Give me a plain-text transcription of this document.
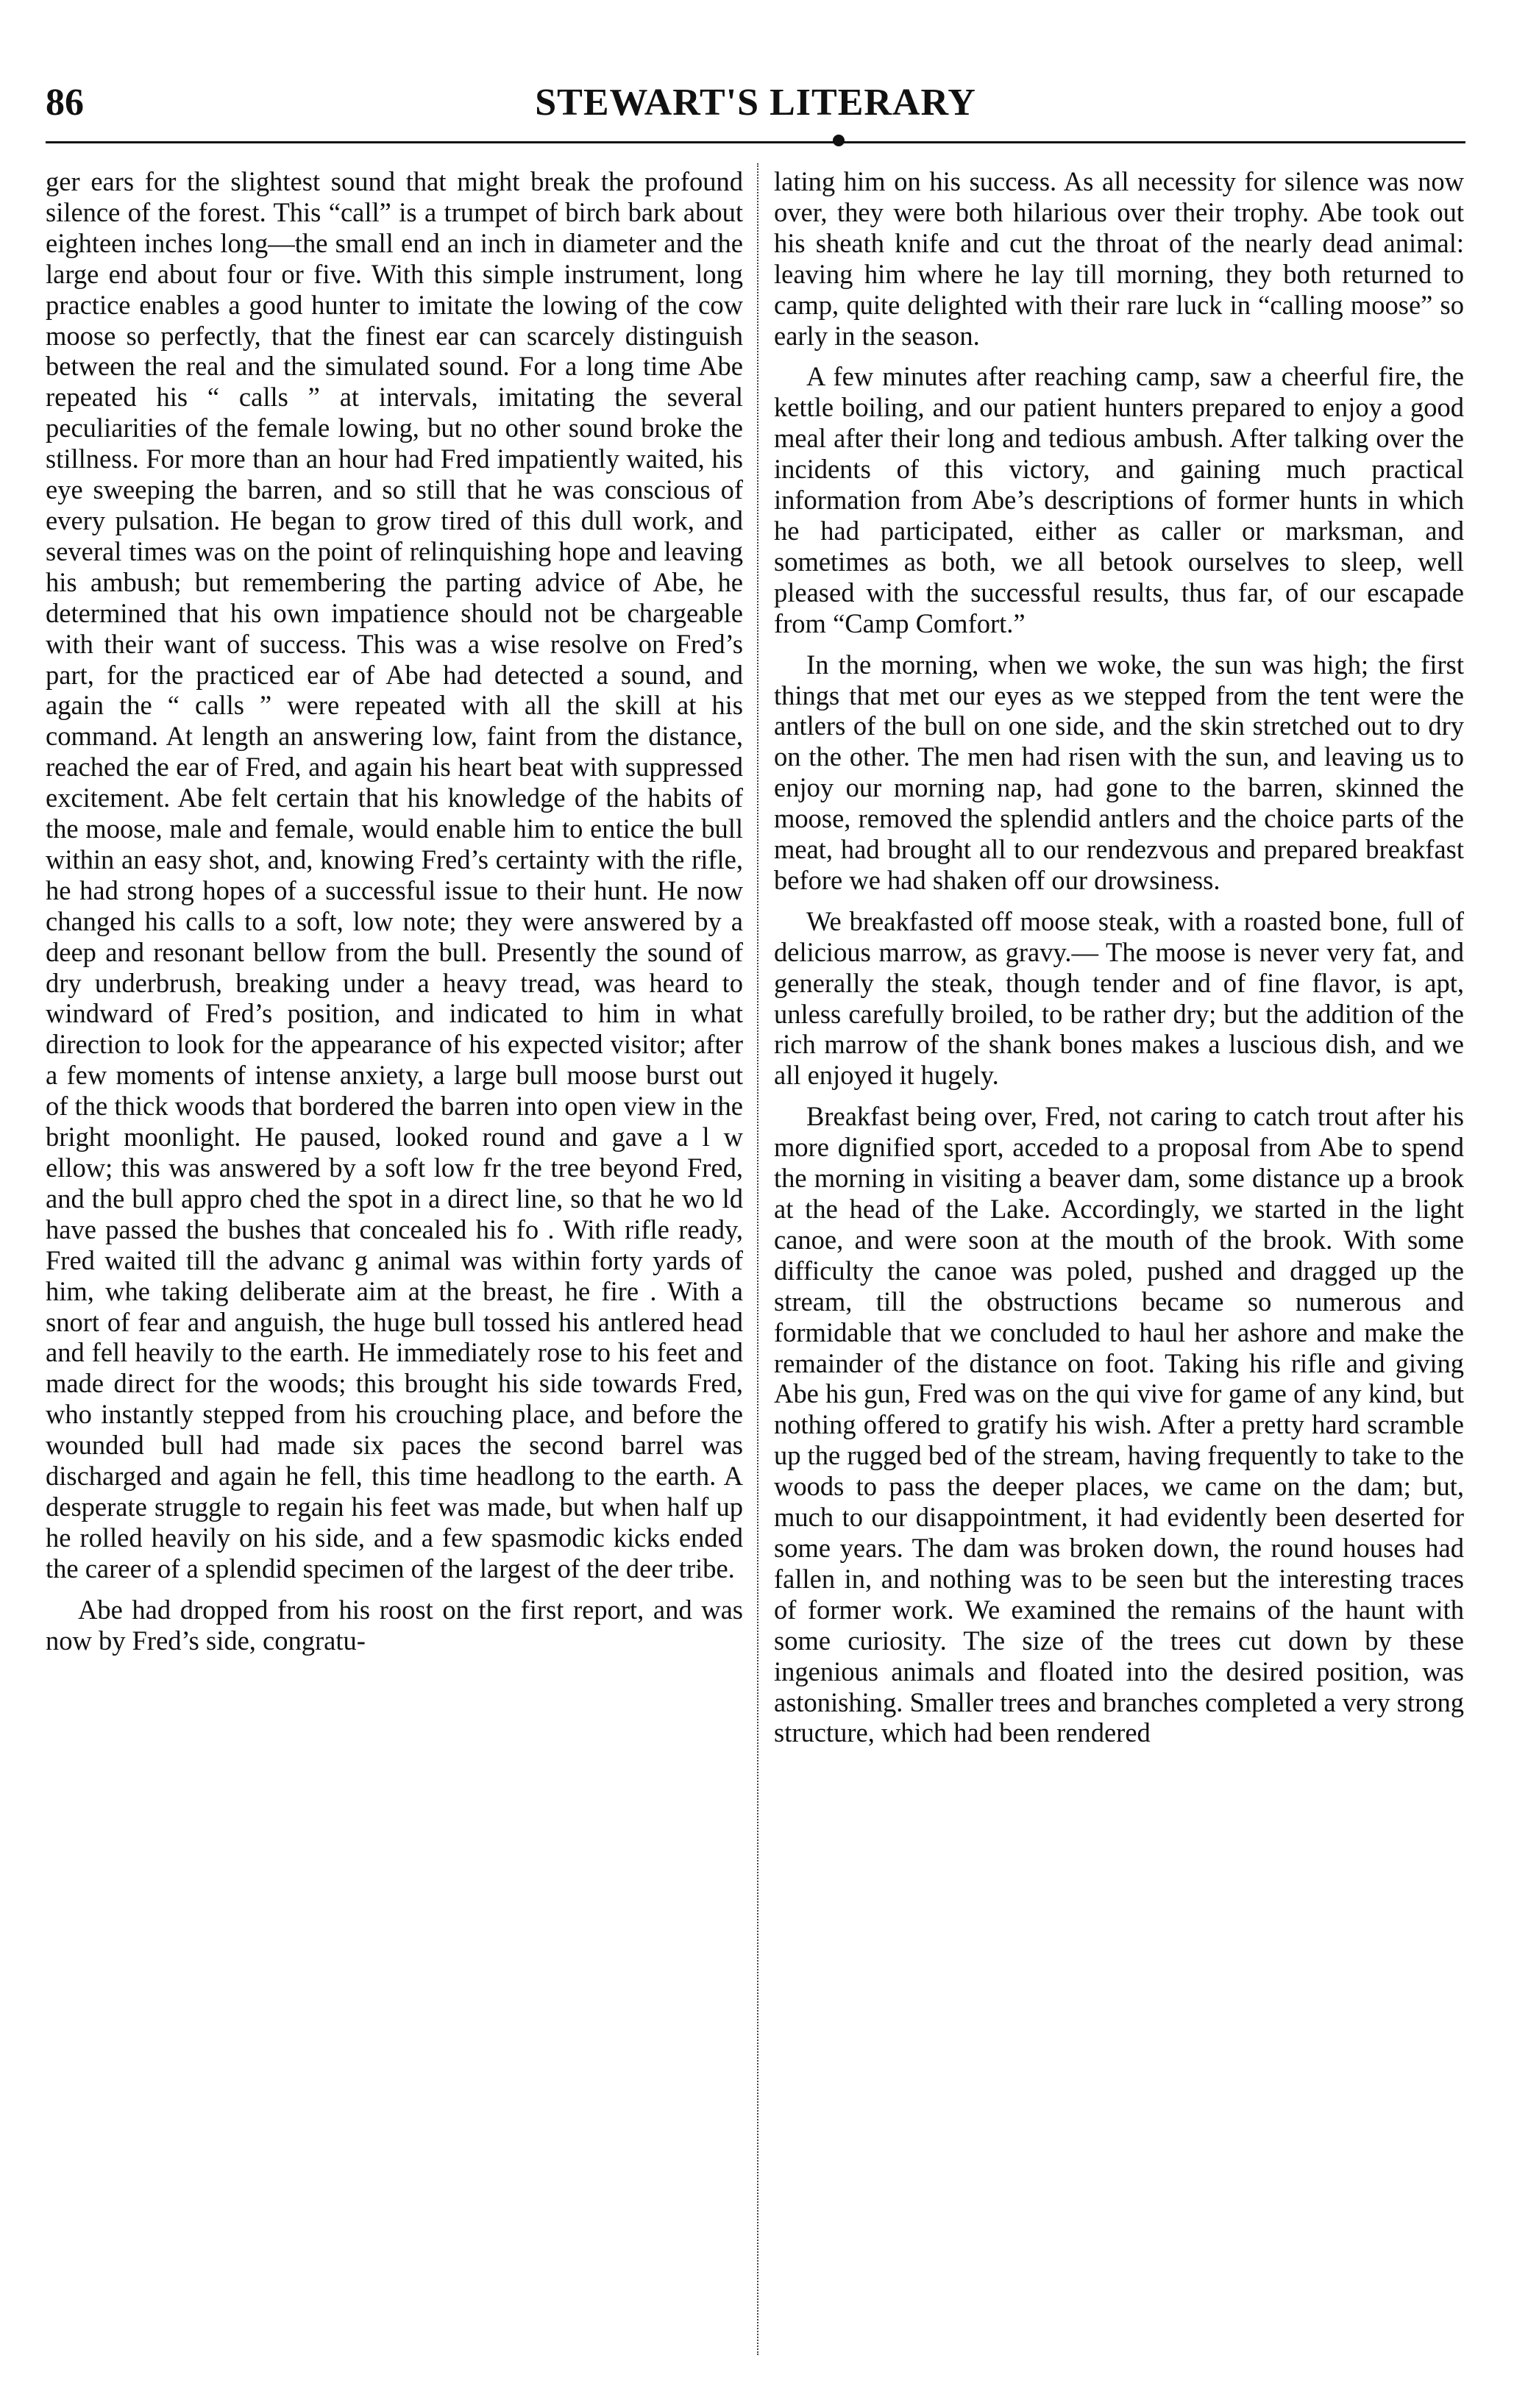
86	STEWART'S LITERARY

ger ears for the slightest sound that might break the profound silence of the forest. This “call” is a trumpet of birch bark about eighteen inches long—the small end an inch in diameter and the large end about four or five. With this simple instrument, long practice enables a good hunter to imitate the lowing of the cow moose so perfectly, that the finest ear can scarcely distinguish between the real and the simulated sound. For a long time Abe repeated his “ calls ” at intervals, imitating the several peculiarities of the female lowing, but no other sound broke the stillness. For more than an hour had Fred impatiently waited, his eye sweeping the barren, and so still that he was conscious of every pulsation. He began to grow tired of this dull work, and several times was on the point of relinquishing hope and leaving his ambush; but remembering the parting advice of Abe, he determined that his own impatience should not be chargeable with their want of success. This was a wise resolve on Fred’s part, for the practiced ear of Abe had detected a sound, and again the “ calls ” were repeated with all the skill at his command. At length an answering low, faint from the distance, reached the ear of Fred, and again his heart beat with suppressed excitement. Abe felt certain that his knowledge of the habits of the moose, male and female, would enable him to entice the bull within an easy shot, and, knowing Fred’s certainty with the rifle, he had strong hopes of a successful issue to their hunt. He now changed his calls to a soft, low note; they were answered by a deep and resonant bellow from the bull. Presently the sound of dry underbrush, breaking under a heavy tread, was heard to windward of Fred’s position, and indicated to him in what direction to look for the appearance of his expected visitor; after a few moments of intense anxiety, a large bull moose burst out of the thick woods that bordered the barren into open view in the bright moonlight. He paused, looked round and gave a l w ellow; this was answered by a soft low fr the tree beyond Fred, and the bull appro ched the spot in a direct line, so that he wo ld have passed the bushes that concealed his fo . With rifle ready, Fred waited till the advanc g animal was within forty yards of him, whe taking deliberate aim at the breast, he fire . With a snort of fear and anguish, the huge bull tossed his antlered head and fell heavily to the earth. He immediately rose to his feet and made direct for the woods; this brought his side towards Fred, who instantly stepped from his crouching place, and before the wounded bull had made six paces the second barrel was discharged and again he fell, this time headlong to the earth. A desperate struggle to regain his feet was made, but when half up he rolled heavily on his side, and a few spasmodic kicks ended the career of a splendid specimen of the largest of the deer tribe.

Abe had dropped from his roost on the first report, and was now by Fred’s side, congratu-

lating him on his success. As all necessity for silence was now over, they were both hilarious over their trophy. Abe took out his sheath knife and cut the throat of the nearly dead animal: leaving him where he lay till morning, they both returned to camp, quite delighted with their rare luck in “calling moose” so early in the season.

A few minutes after reaching camp, saw a cheerful fire, the kettle boiling, and our patient hunters prepared to enjoy a good meal after their long and tedious ambush. After talking over the incidents of this victory, and gaining much practical information from Abe’s descriptions of former hunts in which he had participated, either as caller or marksman, and sometimes as both, we all betook ourselves to sleep, well pleased with the successful results, thus far, of our escapade from “Camp Comfort.”

In the morning, when we woke, the sun was high; the first things that met our eyes as we stepped from the tent were the antlers of the bull on one side, and the skin stretched out to dry on the other. The men had risen with the sun, and leaving us to enjoy our morning nap, had gone to the barren, skinned the moose, removed the splendid antlers and the choice parts of the meat, had brought all to our rendezvous and prepared breakfast before we had shaken off our drowsiness.

We breakfasted off moose steak, with a roasted bone, full of delicious marrow, as gravy.— The moose is never very fat, and generally the steak, though tender and of fine flavor, is apt, unless carefully broiled, to be rather dry; but the addition of the rich marrow of the shank bones makes a luscious dish, and we all enjoyed it hugely.

Breakfast being over, Fred, not caring to catch trout after his more dignified sport, acceded to a proposal from Abe to spend the morning in visiting a beaver dam, some distance up a brook at the head of the Lake. Accordingly, we started in the light canoe, and were soon at the mouth of the brook. With some difficulty the canoe was poled, pushed and dragged up the stream, till the obstructions became so numerous and formidable that we concluded to haul her ashore and make the remainder of the distance on foot. Taking his rifle and giving Abe his gun, Fred was on the qui vive for game of any kind, but nothing offered to gratify his wish. After a pretty hard scramble up the rugged bed of the stream, having frequently to take to the woods to pass the deeper places, we came on the dam; but, much to our disappointment, it had evidently been deserted for some years. The dam was broken down, the round houses had fallen in, and nothing was to be seen but the interesting traces of former work. We examined the remains of the haunt with some curiosity. The size of the trees cut down by these ingenious animals and floated into the desired position, was astonishing. Smaller trees and branches completed a very strong structure, which had been rendered
